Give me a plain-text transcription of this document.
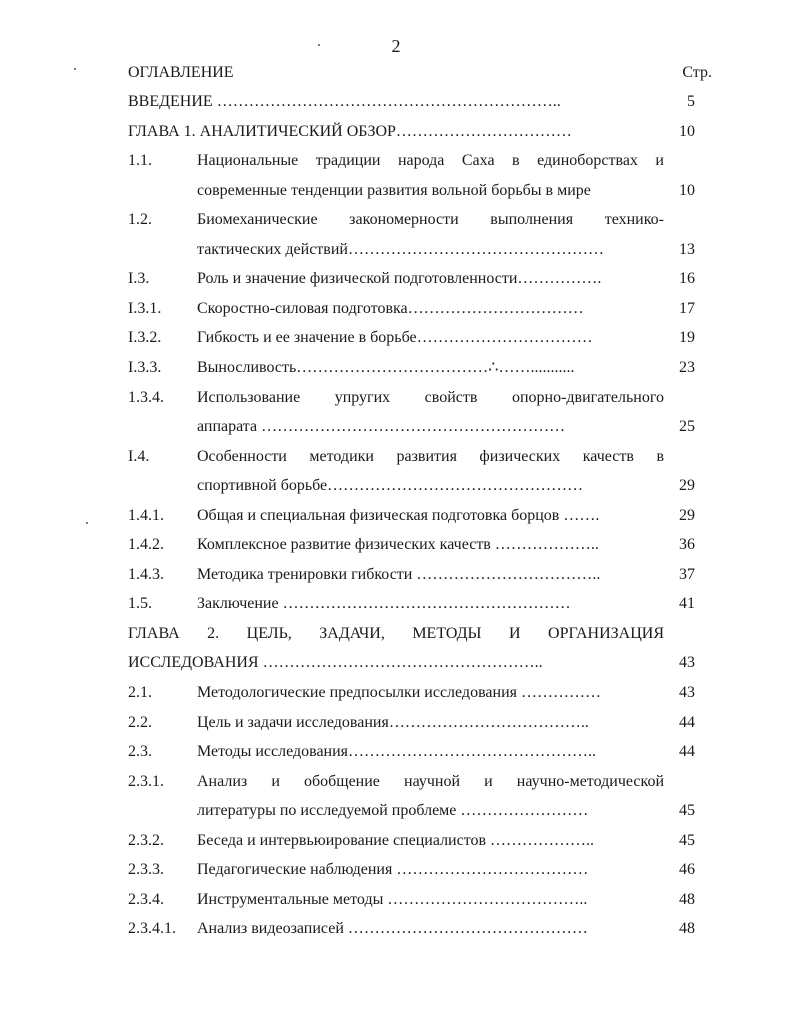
2
ОГЛАВЛЕНИЕ	Стр.
ВВЕДЕНИЕ ………………………………………………………..	5
ГЛАВА 1. АНАЛИТИЧЕСКИЙ ОБЗОР……………………………	10
1.1.	Национальные традиции народа Саха в единоборствах и
современные тенденции развития вольной борьбы в мире	10
1.2.	Биомеханические закономерности выполнения технико-
тактических действий…………………………………………	13
I.3.	Роль и значение физической подготовленности…………….	16
I.3.1. Скоростно-силовая подготовка……………………………	17
I.3.2. Гибкость и ее значение в борьбе……………………………	19
I.3.3. Выносливость………………………………∴……...........	23
1.3.4. Использование упругих свойств опорно-двигательного
аппарата …………………………………………………	25
I.4.	Особенности методики развития физических качеств в
спортивной борьбе…………………………………………	29
1.4.1. Общая и специальная физическая подготовка борцов …….	29
1.4.2. Комплексное развитие физических качеств ………………..	36
1.4.3. Методика тренировки гибкости ……………………………..	37
1.5.	Заключение ………………………………………………	41
ГЛАВА 2. ЦЕЛЬ, ЗАДАЧИ, МЕТОДЫ И ОРГАНИЗАЦИЯ
ИССЛЕДОВАНИЯ ……………………………………………..	43
2.1.	Методологические предпосылки исследования ……………	43
2.2.	Цель и задачи исследования………………………………..	44
2.3.	Методы исследования………………………………………..	44
2.3.1. Анализ и обобщение научной и научно-методической
литературы по исследуемой проблеме ……………………	45
2.3.2. Беседа и интервьюирование специалистов ………………..	45
2.3.3. Педагогические наблюдения ………………………………	46
2.3.4. Инструментальные методы ………………………………..	48
2.3.4.1. Анализ видеозаписей ………………………………………	48
